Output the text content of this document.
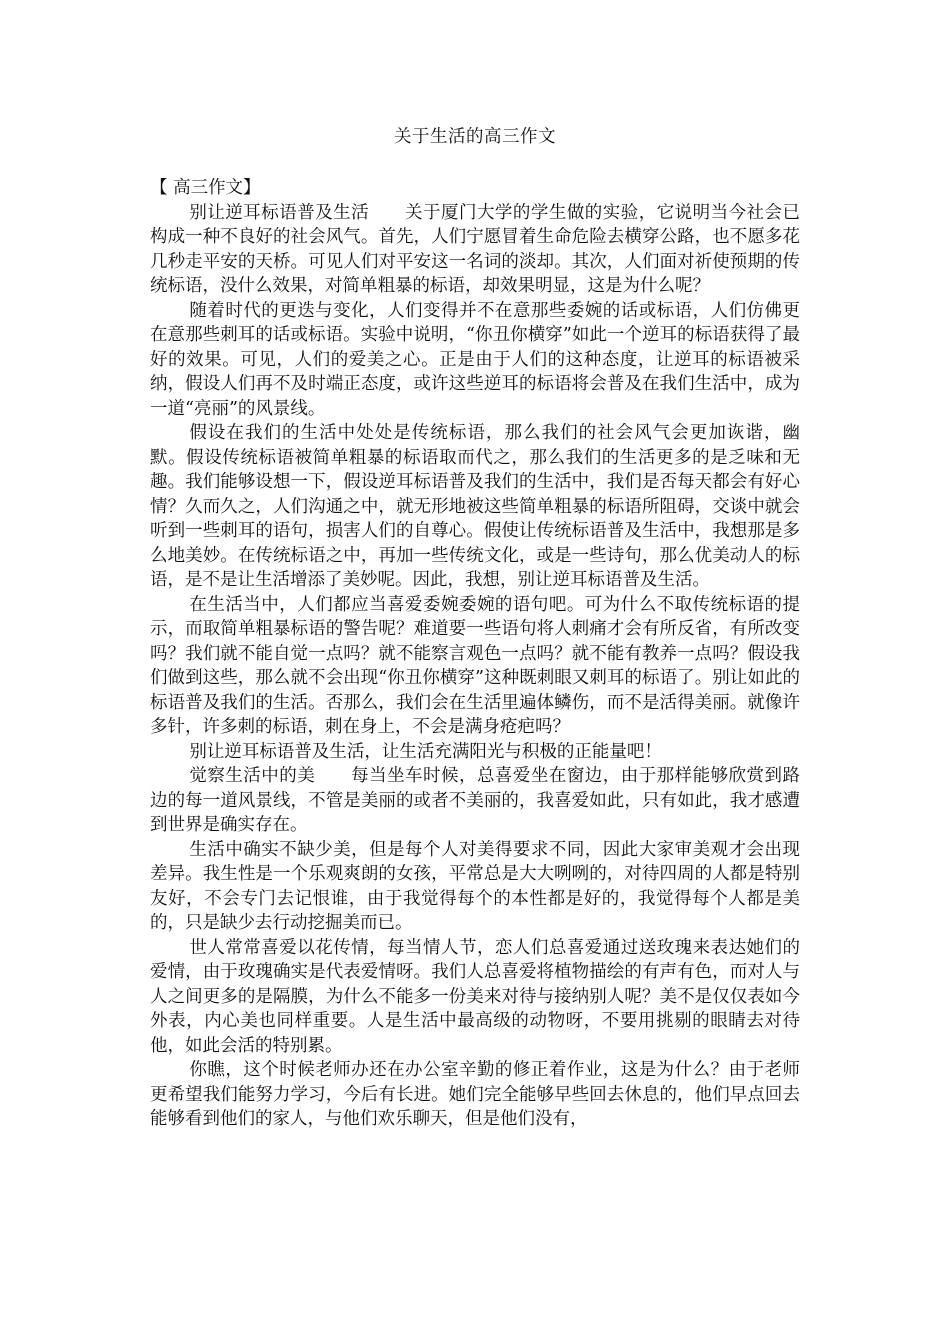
关于生活的高三作文

【 高三作文】

别让逆耳标语普及生活　　关于厦门大学的学生做的实验，它说明当今社会已构成一种不良好的社会风气。首先，人们宁愿冒着生命危险去横穿公路，也不愿多花几秒走平安的天桥。可见人们对平安这一名词的淡却。其次，人们面对祈使预期的传统标语，没什么效果，对简单粗暴的标语，却效果明显，这是为什么呢？

随着时代的更迭与变化，人们变得并不在意那些委婉的话或标语，人们仿佛更在意那些刺耳的话或标语。实验中说明，“你丑你横穿”如此一个逆耳的标语获得了最好的效果。可见，人们的爱美之心。正是由于人们的这种态度，让逆耳的标语被采纳，假设人们再不及时端正态度，或许这些逆耳的标语将会普及在我们生活中，成为一道“亮丽”的风景线。

假设在我们的生活中处处是传统标语，那么我们的社会风气会更加诙谐，幽默。假设传统标语被简单粗暴的标语取而代之，那么我们的生活更多的是乏味和无趣。我们能够设想一下，假设逆耳标语普及我们的生活中，我们是否每天都会有好心情？久而久之，人们沟通之中，就无形地被这些简单粗暴的标语所阻碍，交谈中就会听到一些刺耳的语句，损害人们的自尊心。假使让传统标语普及生活中，我想那是多么地美妙。在传统标语之中，再加一些传统文化，或是一些诗句，那么优美动人的标语，是不是让生活增添了美妙呢。因此，我想，别让逆耳标语普及生活。

在生活当中，人们都应当喜爱委婉委婉的语句吧。可为什么不取传统标语的提示，而取简单粗暴标语的警告呢？难道要一些语句将人刺痛才会有所反省，有所改变吗？我们就不能自觉一点吗？就不能察言观色一点吗？就不能有教养一点吗？假设我们做到这些，那么就不会出现“你丑你横穿”这种既刺眼又刺耳的标语了。别让如此的标语普及我们的生活。否那么，我们会在生活里遍体鳞伤，而不是活得美丽。就像许多针，许多刺的标语，刺在身上，不会是满身疮疤吗？

别让逆耳标语普及生活，让生活充满阳光与积极的正能量吧！

觉察生活中的美　　每当坐车时候，总喜爱坐在窗边，由于那样能够欣赏到路边的每一道风景线，不管是美丽的或者不美丽的，我喜爱如此，只有如此，我才感遭到世界是确实存在。

生活中确实不缺少美，但是每个人对美得要求不同，因此大家审美观才会出现差异。我生性是一个乐观爽朗的女孩，平常总是大大咧咧的，对待四周的人都是特别友好，不会专门去记恨谁，由于我觉得每个的本性都是好的，我觉得每个人都是美的，只是缺少去行动挖掘美而已。

世人常常喜爱以花传情，每当情人节，恋人们总喜爱通过送玫瑰来表达她们的爱情，由于玫瑰确实是代表爱情呀。我们人总喜爱将植物描绘的有声有色，而对人与人之间更多的是隔膜，为什么不能多一份美来对待与接纳别人呢？美不是仅仅表如今外表，内心美也同样重要。人是生活中最高级的动物呀，不要用挑剔的眼睛去对待他，如此会活的特别累。

你瞧，这个时候老师办还在办公室辛勤的修正着作业，这是为什么？由于老师更希望我们能努力学习，今后有长进。她们完全能够早些回去休息的，他们早点回去能够看到他们的家人，与他们欢乐聊天，但是他们没有，
